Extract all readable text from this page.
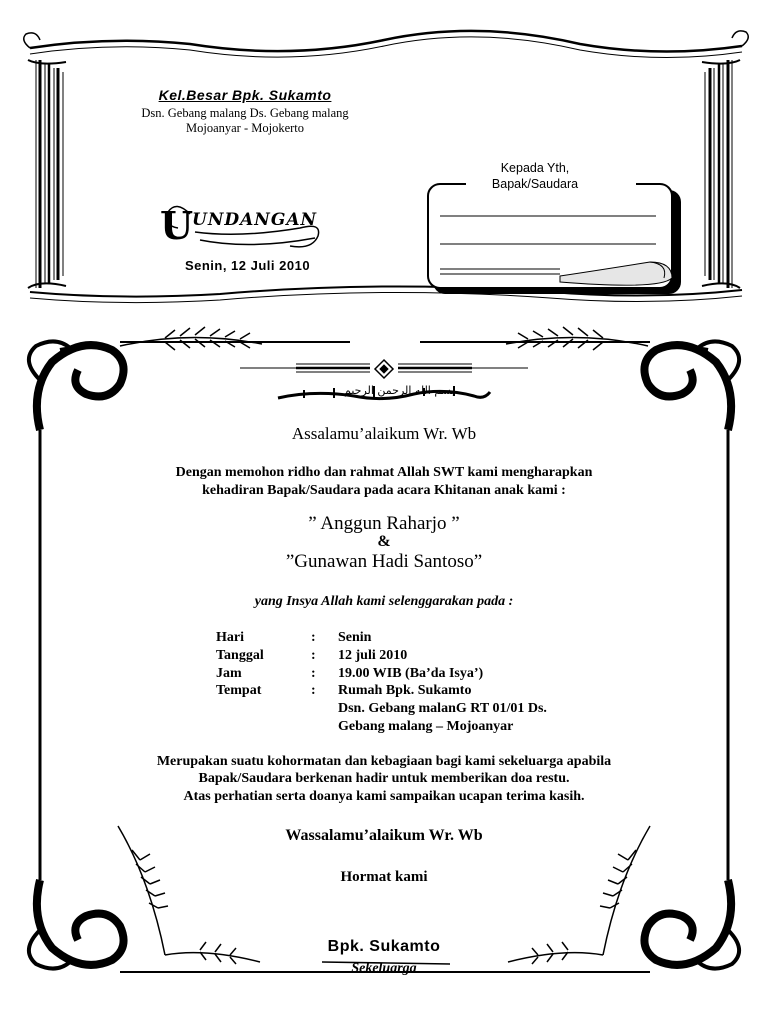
Kel.Besar Bpk. Sukamto
Dsn. Gebang malang Ds. Gebang malang
Mojoanyar - Mojokerto
U
UNDANGAN
Senin, 12 Juli 2010
Kepada Yth,
Bapak/Saudara
بسم الله الرحمن الرحيم
Assalamu’alaikum Wr. Wb
Dengan memohon ridho dan rahmat Allah SWT kami mengharapkan
kehadiran Bapak/Saudara pada acara Khitanan anak kami :
” Anggun Raharjo ”
&
”Gunawan Hadi Santoso”
yang Insya Allah kami selenggarakan pada :
Hari	:	Senin
Tanggal	:	12 juli 2010
Jam	:	19.00 WIB (Ba’da Isya’)
Tempat	:	Rumah Bpk. Sukamto
Dsn. Gebang malanG RT 01/01 Ds.
Gebang malang – Mojoanyar
Merupakan suatu kohormatan dan kebagiaan bagi kami sekeluarga apabila
Bapak/Saudara berkenan hadir untuk memberikan doa restu.
Atas perhatian serta doanya kami sampaikan ucapan terima kasih.
Wassalamu’alaikum Wr. Wb
Hormat kami
Bpk. Sukamto
Sekeluarga
